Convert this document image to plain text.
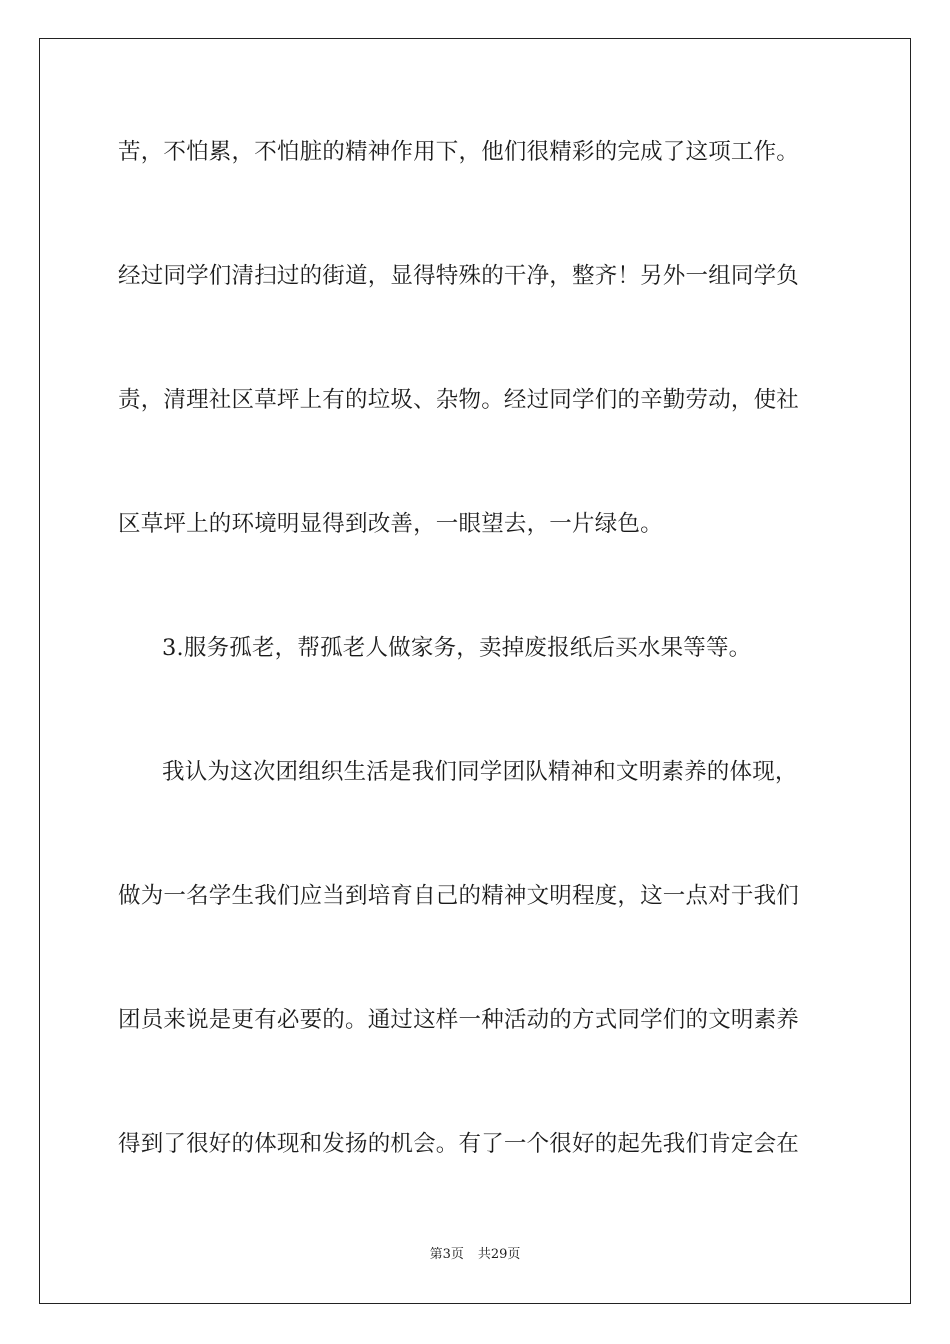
苦，不怕累，不怕脏的精神作用下，他们很精彩的完成了这项工作。
经过同学们清扫过的街道，显得特殊的干净，整齐！另外一组同学负
责，清理社区草坪上有的垃圾、杂物。经过同学们的辛勤劳动，使社
区草坪上的环境明显得到改善，一眼望去，一片绿色。
3.服务孤老，帮孤老人做家务，卖掉废报纸后买水果等等。
我认为这次团组织生活是我们同学团队精神和文明素养的体现，
做为一名学生我们应当到培育自己的精神文明程度，这一点对于我们
团员来说是更有必要的。通过这样一种活动的方式同学们的文明素养
得到了很好的体现和发扬的机会。有了一个很好的起先我们肯定会在
第3页 共29页
